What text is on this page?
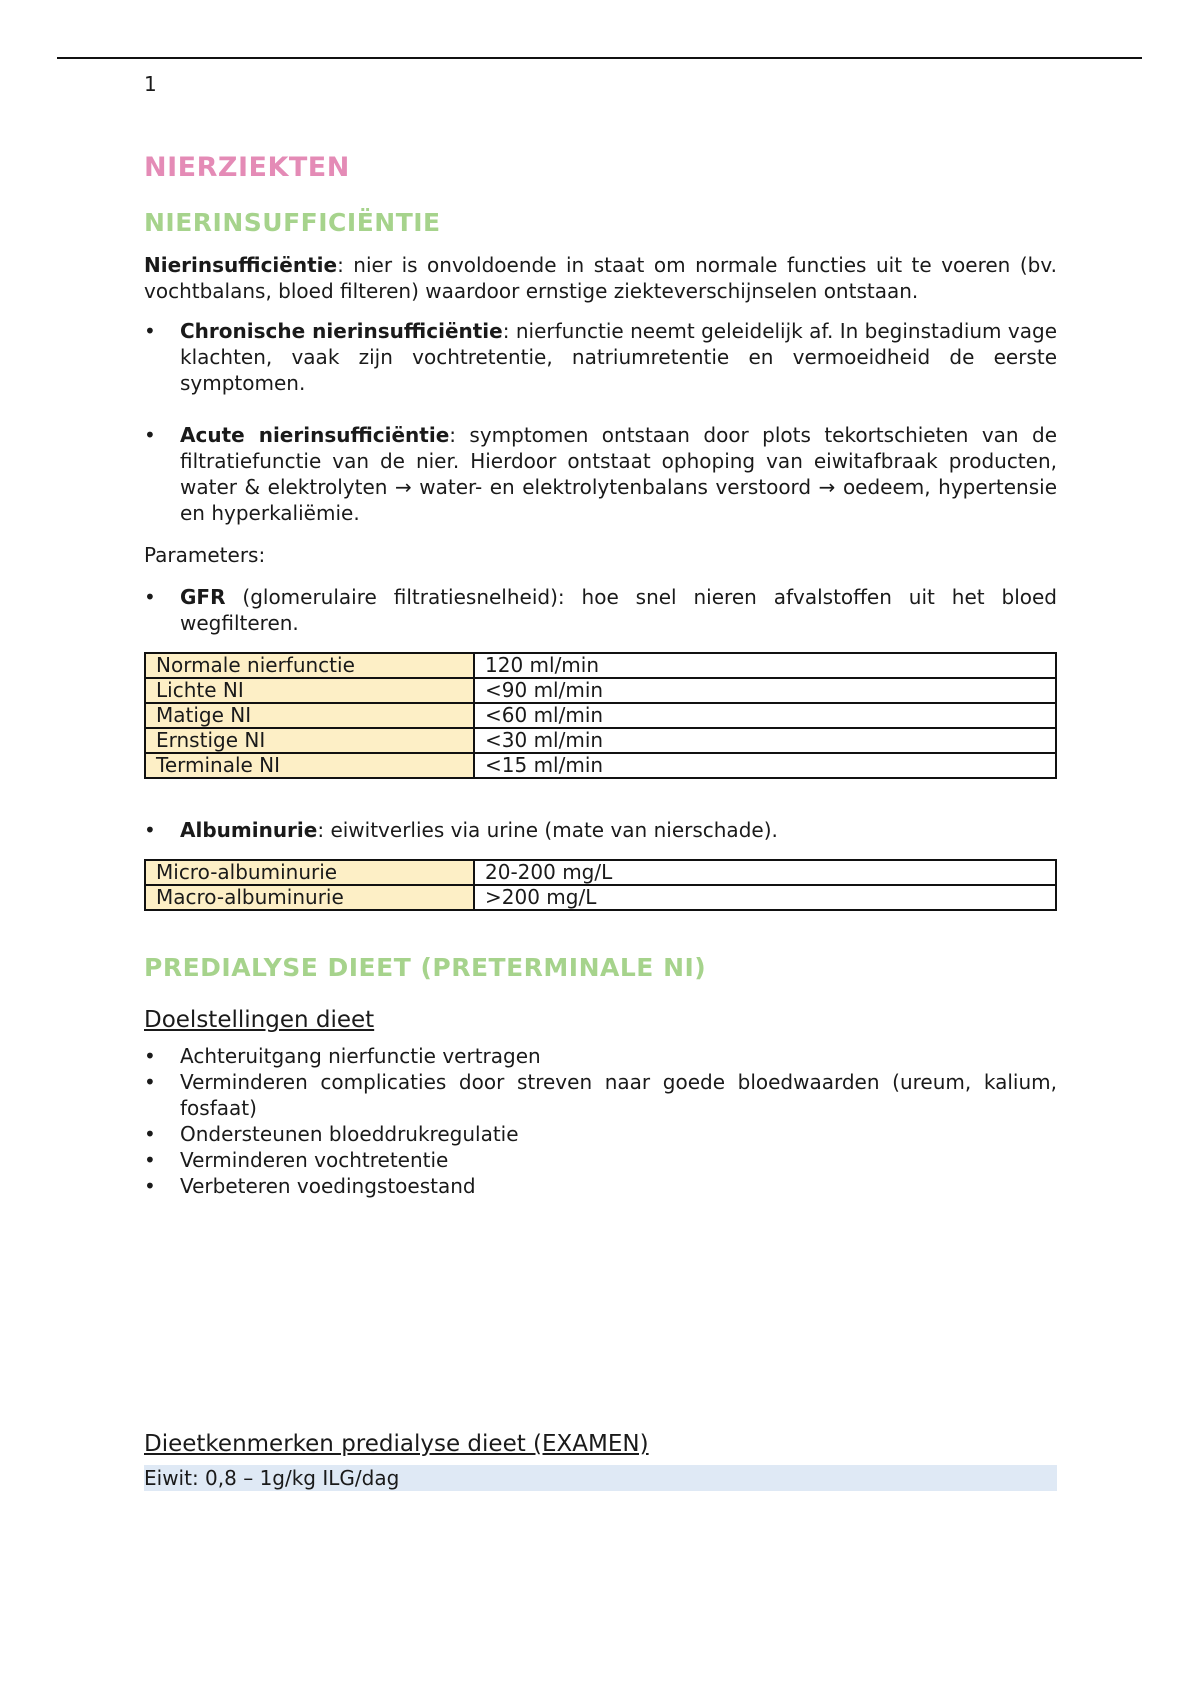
1
NIERZIEKTEN
NIERINSUFFICIËNTIE

Nierinsufficiëntie: nier is onvoldoende in staat om normale functies uit te voeren (bv. vochtbalans, bloed filteren) waardoor ernstige ziekteverschijnselen ontstaan.

• Chronische nierinsufficiëntie: nierfunctie neemt geleidelijk af. In beginstadium vage klachten, vaak zijn vochtretentie, natriumretentie en vermoeidheid de eerste symptomen.
• Acute nierinsufficiëntie: symptomen ontstaan door plots tekortschieten van de filtratiefunctie van de nier. Hierdoor ontstaat ophoping van eiwitafbraak producten, water & elektrolyten → water- en elektrolytenbalans verstoord → oedeem, hypertensie en hyperkaliëmie.

Parameters:

• GFR (glomerulaire filtratiesnelheid): hoe snel nieren afvalstoffen uit het bloed wegfilteren.
Normale nierfunctie	120 ml/min
Lichte NI	<90 ml/min
Matige NI	<60 ml/min
Ernstige NI	<30 ml/min
Terminale NI	<15 ml/min
• Albuminurie: eiwitverlies via urine (mate van nierschade).
Micro-albuminurie	20-200 mg/L
Macro-albuminurie	>200 mg/L
PREDIALYSE DIEET (PRETERMINALE NI)
Doelstellingen dieet
• Achteruitgang nierfunctie vertragen
• Verminderen complicaties door streven naar goede bloedwaarden (ureum, kalium, fosfaat)
• Ondersteunen bloeddrukregulatie
• Verminderen vochtretentie
• Verbeteren voedingstoestand
Dieetkenmerken predialyse dieet (EXAMEN)
Eiwit: 0,8 – 1g/kg ILG/dag
